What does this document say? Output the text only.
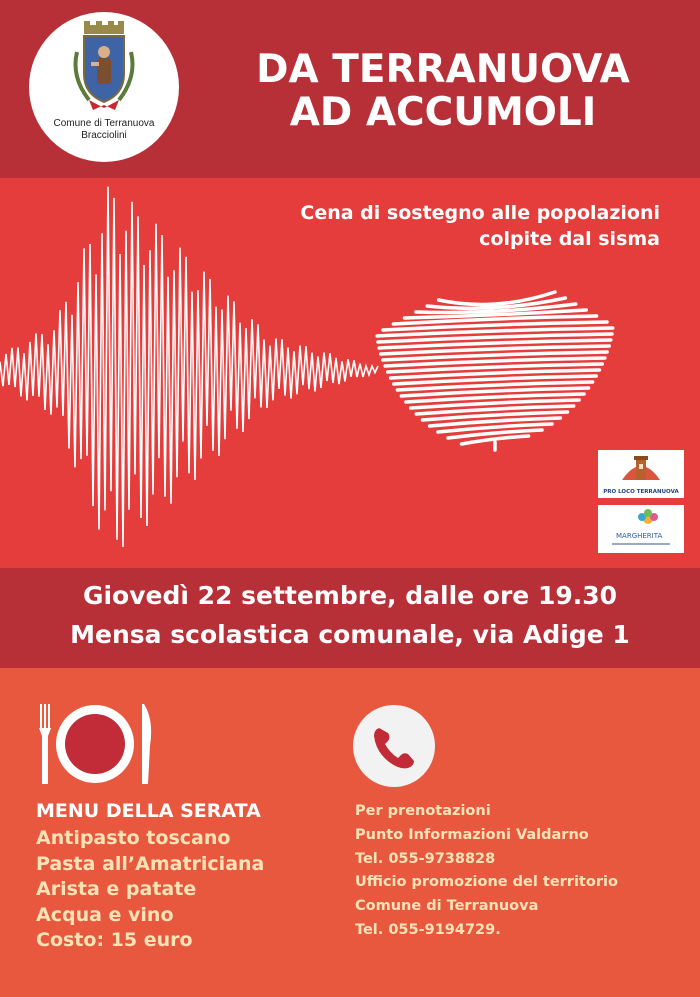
Comune di Terranuova
Bracciolini
DA TERRANUOVA
AD ACCUMOLI
Cena di sostegno alle popolazioni
colpite dal sisma
PRO LOCO TERRANUOVA
MARGHERITA
Giovedì 22 settembre, dalle ore 19.30
Mensa scolastica comunale, via Adige 1
MENU DELLA SERATA
Antipasto toscano
Pasta all’Amatriciana
Arista e patate
Acqua e vino
Costo: 15 euro
Per prenotazioni
Punto Informazioni Valdarno
Tel. 055-9738828
Ufficio promozione del territorio
Comune di Terranuova
Tel. 055-9194729.
